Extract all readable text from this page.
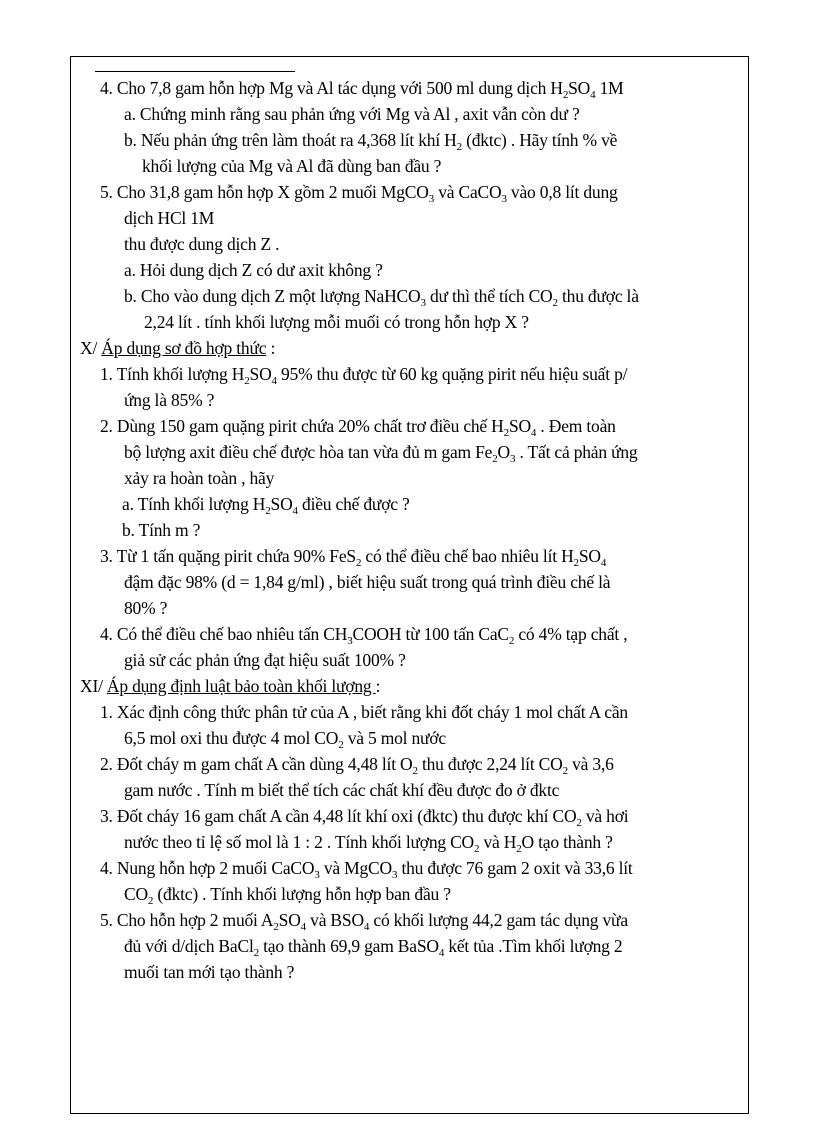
4. Cho 7,8 gam hỗn hợp Mg và Al tác dụng với 500 ml dung dịch $H_2SO_4$ 1M
a. Chứng minh rằng sau phản ứng với Mg và Al , axit vẫn còn dư ?
b. Nếu phản ứng trên làm thoát ra 4,368 lít khí $H_2$ (đktc) . Hãy tính % về
khối lượng của Mg và Al đã dùng ban đầu ?
5. Cho 31,8 gam hỗn hợp X gồm 2 muối MgCO$_3$ và CaCO$_3$ vào 0,8 lít dung
dịch HCl 1M
thu được dung dịch Z .
a. Hỏi dung dịch Z có dư axit không ?
b. Cho vào dung dịch Z một lượng NaHCO$_3$ dư thì thể tích $CO_2$ thu được là
2,24 lít . tính khối lượng mỗi muối có trong hỗn hợp X ?
X/ Áp dụng sơ đồ hợp thức :
1. Tính khối lượng $H_2SO_4$ 95% thu được từ 60 kg quặng pirit nếu hiệu suất p/
ứng là 85% ?
2. Dùng 150 gam quặng pirit chứa 20% chất trơ điều chế $H_2SO_4$ . Đem toàn
bộ lượng axit điều chế được hòa tan vừa đủ m gam $Fe_2O_3$ . Tất cả phản ứng
xảy ra hoàn toàn , hãy
a. Tính khối lượng $H_2SO_4$ điều chế được ?
b. Tính m ?
3. Từ 1 tấn quặng pirit chứa 90% FeS$_2$ có thể điều chế bao nhiêu lít $H_2SO_4$
đậm đặc 98% (d = 1,84 g/ml) , biết hiệu suất trong quá trình điều chế là
80% ?
4. Có thể điều chế bao nhiêu tấn $CH_3COOH$ từ 100 tấn CaC$_2$ có 4% tạp chất ,
giả sử các phản ứng đạt hiệu suất 100% ?
XI/ Áp dụng định luật bảo toàn khối lượng :
1. Xác định công thức phân tử của A , biết rằng khi đốt cháy 1 mol chất A cần
6,5 mol oxi thu được 4 mol $CO_2$ và 5 mol nước
2. Đốt cháy m gam chất A cần dùng 4,48 lít $O_2$ thu được 2,24 lít $CO_2$ và 3,6
gam nước . Tính m biết thể tích các chất khí đều được đo ở đktc
3. Đốt cháy 16 gam chất A cần 4,48 lít khí oxi (đktc) thu được khí $CO_2$ và hơi
nước theo tỉ lệ số mol là 1 : 2 . Tính khối lượng $CO_2$ và $H_2O$ tạo thành ?
4. Nung hỗn hợp 2 muối CaCO$_3$ và MgCO$_3$ thu được 76 gam 2 oxit và 33,6 lít
$CO_2$ (đktc) . Tính khối lượng hỗn hợp ban đầu ?
5. Cho hỗn hợp 2 muối $A_2SO_4$ và $BSO_4$ có khối lượng 44,2 gam tác dụng vừa
đủ với d/dịch BaCl$_2$ tạo thành 69,9 gam BaSO$_4$ kết tủa .Tìm khối lượng 2
muối tan mới tạo thành ?
